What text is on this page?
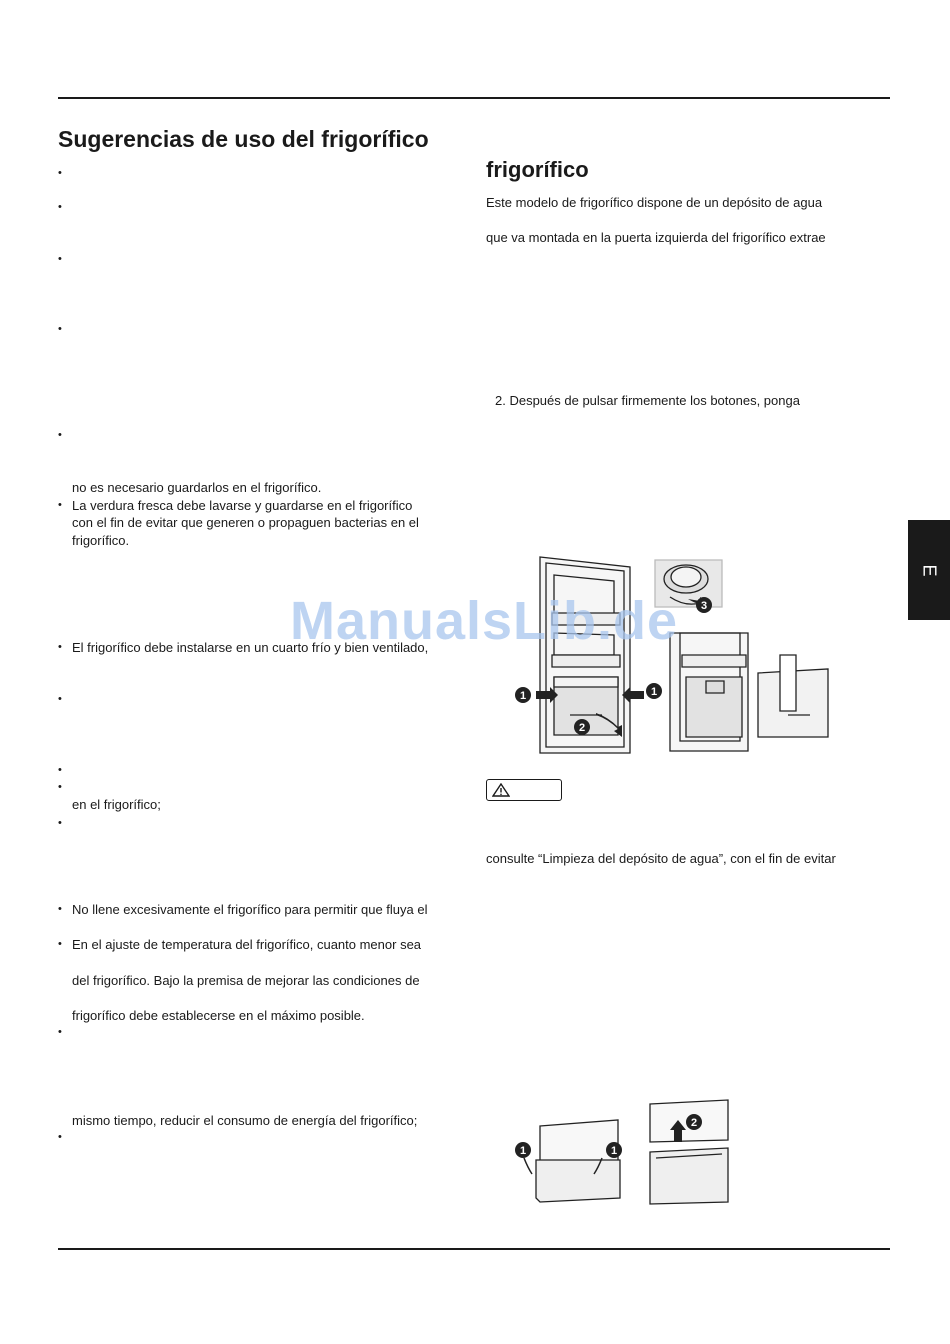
Sugerencias de uso del frigorífico
frigorífico
E
•
•
•
•
•
•
•
•
•
•
•
•
•
•
•
no es necesario guardarlos en el frigorífico.
La verdura fresca debe lavarse y guardarse en el frigorífico
con el fin de evitar que generen o propaguen bacterias en el
frigorífico.
El frigorífico debe instalarse en un cuarto frío y bien ventilado,
en el frigorífico;
No llene excesivamente el frigorífico para permitir que fluya el
En el ajuste de temperatura del frigorífico, cuanto menor sea
del frigorífico. Bajo la premisa de mejorar las condiciones de
frigorífico debe establecerse en el máximo posible.
mismo tiempo, reducir el consumo de energía del frigorífico;
Este modelo de frigorífico dispone de un depósito de agua
que va montada en la puerta izquierda del frigorífico extrae
2. Después de pulsar firmemente los botones, ponga
consulte “Limpieza del depósito de agua”, con el fin de evitar
1	1
2
3
1	1
2
ManualsLib.de
